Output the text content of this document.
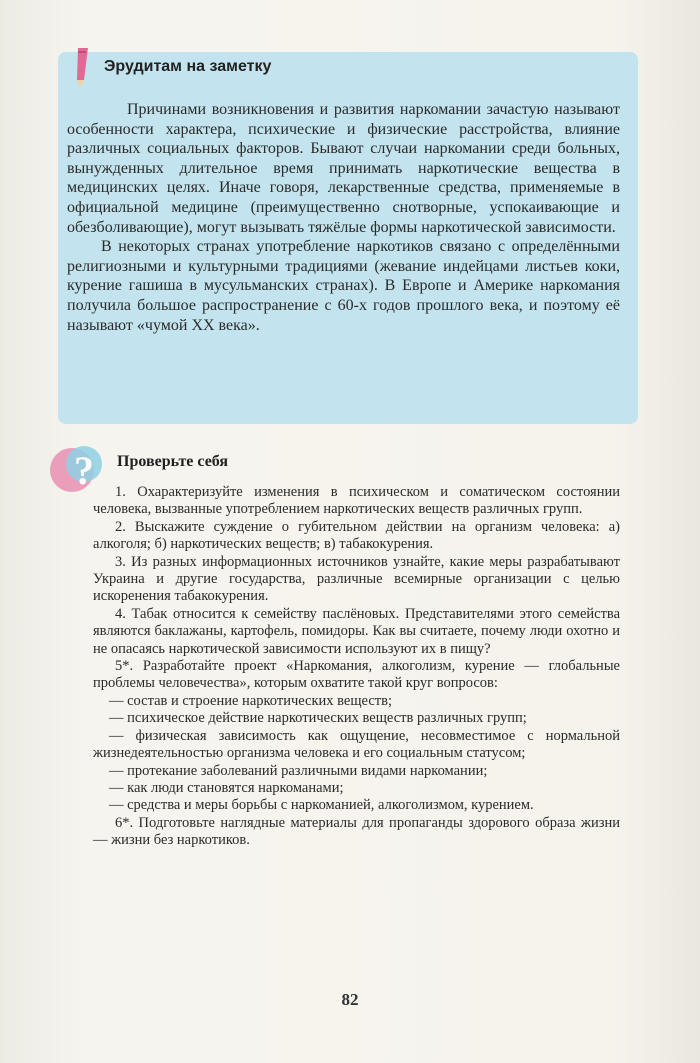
Эрудитам на заметку

Причинами возникновения и развития наркомании зачастую называют особенности характера, психические и физические расстройства, влияние различных социальных факторов. Бывают случаи наркомании среди больных, вынужденных длительное время принимать наркотические вещества в медицинских целях. Иначе говоря, лекарственные средства, применяемые в официальной медицине (преимущественно снотворные, успокаивающие и обезболивающие), могут вызывать тяжёлые формы наркотической зависимости.

В некоторых странах употребление наркотиков связано с определёнными религиозными и культурными традициями (жевание индейцами листьев коки, курение гашиша в мусульманских странах). В Европе и Америке наркомания получила большое распространение с 60-х годов прошлого века, и поэтому её называют «чумой XX века».

? Проверьте себя

1. Охарактеризуйте изменения в психическом и соматическом состоянии человека, вызванные употреблением наркотических веществ различных групп.

2. Выскажите суждение о губительном действии на организм человека: а) алкоголя; б) наркотических веществ; в) табакокурения.

3. Из разных информационных источников узнайте, какие меры разрабатывают Украина и другие государства, различные всемирные организации с целью искоренения табакокурения.

4. Табак относится к семейству паслёновых. Представителями этого семейства являются баклажаны, картофель, помидоры. Как вы считаете, почему люди охотно и не опасаясь наркотической зависимости используют их в пищу?

5*. Разработайте проект «Наркомания, алкоголизм, курение — глобальные проблемы человечества», которым охватите такой круг вопросов:

— состав и строение наркотических веществ;

— психическое действие наркотических веществ различных групп;

— физическая зависимость как ощущение, несовместимое с нормальной жизнедеятельностью организма человека и его социальным статусом;

— протекание заболеваний различными видами наркомании;

— как люди становятся наркоманами;

— средства и меры борьбы с наркоманией, алкоголизмом, курением.

6*. Подготовьте наглядные материалы для пропаганды здорового образа жизни — жизни без наркотиков.

82
